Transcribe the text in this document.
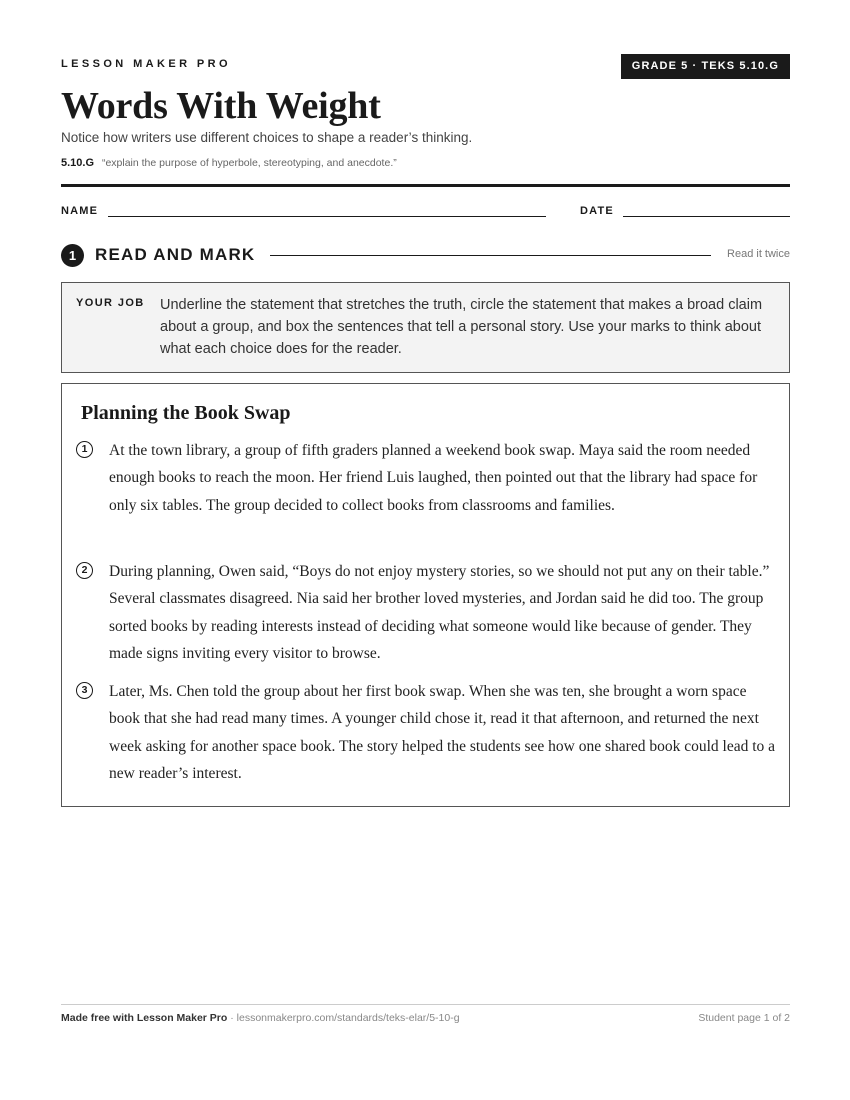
LESSON MAKER PRO	GRADE 5 · TEKS 5.10.G
Words With Weight
Notice how writers use different choices to shape a reader’s thinking.
5.10.G “explain the purpose of hyperbole, stereotyping, and anecdote.”
NAME	DATE
1	READ AND MARK	Read it twice
YOUR JOB Underline the statement that stretches the truth, circle the statement that makes a broad claim about a group, and box the sentences that tell a personal story. Use your marks to think about what each choice does for the reader.
Planning the Book Swap
1	At the town library, a group of fifth graders planned a weekend book swap. Maya said the room needed enough books to reach the moon. Her friend Luis laughed, then pointed out that the library had space for only six tables. The group decided to collect books from classrooms and families.

2	During planning, Owen said, “Boys do not enjoy mystery stories, so we should not put any on their table.” Several classmates disagreed. Nia said her brother loved mysteries, and Jordan said he did too. The group sorted books by reading interests instead of deciding what someone would like because of gender. They made signs inviting every visitor to browse.

3	Later, Ms. Chen told the group about her first book swap. When she was ten, she brought a worn space book that she had read many times. A younger child chose it, read it that afternoon, and returned the next week asking for another space book. The story helped the students see how one shared book could lead to a new reader’s interest.

Made free with Lesson Maker Pro · lessonmakerpro.com/standards/teks-elar/5-10-g	Student page 1 of 2
